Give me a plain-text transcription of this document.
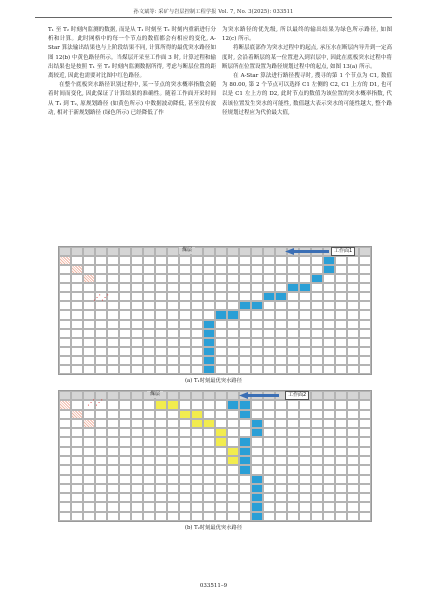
孙文斌等: 采矿与岩层控制工程学报 Vol. 7, No. 3(2025): 033511

T₁ 至 T₂ 时刻内监测的数据, 而是从 T₁ 时刻至 T₂ 时刻内重新进行分析和计算。此时网格中的每一个节点的数值都会有相应的变化, A-Star 算法输出结果也与上阶段结果不同, 计算所得的最优突水路径如图 12(b) 中黄色路径所示。当煤层开采至工作面 3 时, 计算过程和输出结果也是按照 T₁ 至 T₂ 时刻内监测数据所得, 考虑与断层位置的距离较近, 因此也需要对比图中红色路径。

在整个底板突水路径识别过程中, 某一节点的突水概率指数会随着时间而变化, 因此保证了计算结果的准确性。随着工作面开采时间从 T₁ 到 T₂, 原规划路径 (如黄色所示) 中数据波动降低, 甚至没有波动, 相对于新规划路径 (绿色所示) 已经降低了作

为突水路径的优先级, 所以最终的输出结果为绿色所示路径, 如图 12(c) 所示。

将断层底部作为突水过程中的起点, 承压水在断层内导升到一定高度时, 会沿着断层的某一位置进入到岩层中, 因此在底板突水过程中将断层所在位置设置为路径规划过程中的起点, 如图 13(a) 所示。

在 A-Star 算法进行路径搜寻时, 搜寻的第 1 个节点为 C1, 数值为 80.00, 第 2 个节点可以选择 C1 左侧的 C2, C1 上方的 D1, 也可以是 C1 左上方的 D2, 此时节点的数值为该位置的突水概率指数, 代表该位置发生突水的可能性, 数值越大表示突水的可能性越大, 整个路径规划过程应为代价最大值,

煤层	工作面1
⋰⋰
(a) T₁时刻最优突水路径
煤层	工作面2
⋰⋰
(b) T₂时刻最优突水路径
033511–9
